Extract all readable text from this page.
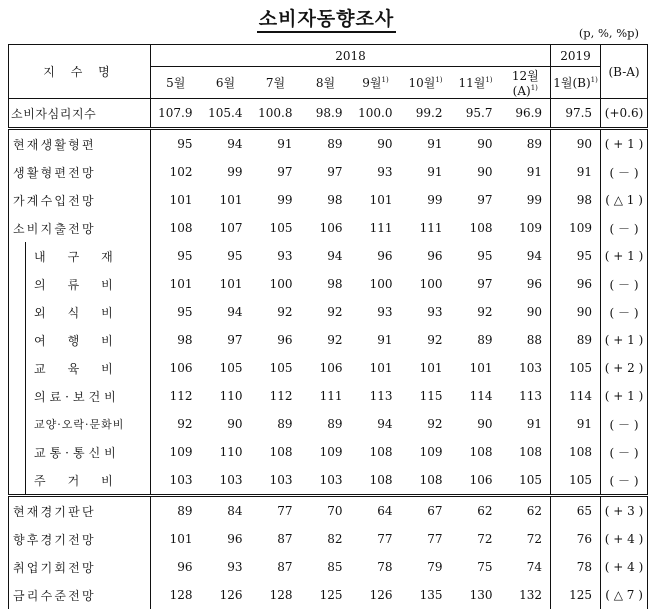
소비자동향조사
(p, %, %p)
지 수 명	2018								2019	(B-A)
	5월	6월	7월	8월	9월$^{1)}$	10월$^{1)}$	11월$^{1)}$	12월$(A)^{1)}$	1월$(B)^{1)}$
소비자심리지수	107.9	105.4	100.8	98.9	100.0	99.2	95.7	96.9	97.5	(+0.6)
현재생활형편	95	94	91	89	90	91	90	89	90	( + 1 )
생활형편전망	102	99	97	97	93	91	90	91	91	( － )
가계수입전망	101	101	99	98	101	99	97	99	98	( △ 1 )
소비지출전망	108	107	105	106	111	111	108	109	109	( － )

내구재	95	95	93	94	96	96	95	94	95	( + 1 )

의류비	101	101	100	98	100	100	97	96	96	( － )

외식비	95	94	92	92	93	93	92	90	90	( － )

여행비	98	97	96	92	91	92	89	88	89	( + 1 )

교육비	106	105	105	106	101	101	101	103	105	( + 2 )

의료·보건비	112	110	112	111	113	115	114	113	114	( + 1 )

교양·오락·문화비	92	90	89	89	94	92	90	91	91	( － )

교통·통신비	109	110	108	109	108	109	108	108	108	( － )

주거비	103	103	103	103	108	108	106	105	105	( － )
현재경기판단	89	84	77	70	64	67	62	62	65	( + 3 )
향후경기전망	101	96	87	82	77	77	72	72	76	( + 4 )
취업기회전망	96	93	87	85	78	79	75	74	78	( + 4 )
금리수준전망	128	126	128	125	126	135	130	132	125	( △ 7 )
